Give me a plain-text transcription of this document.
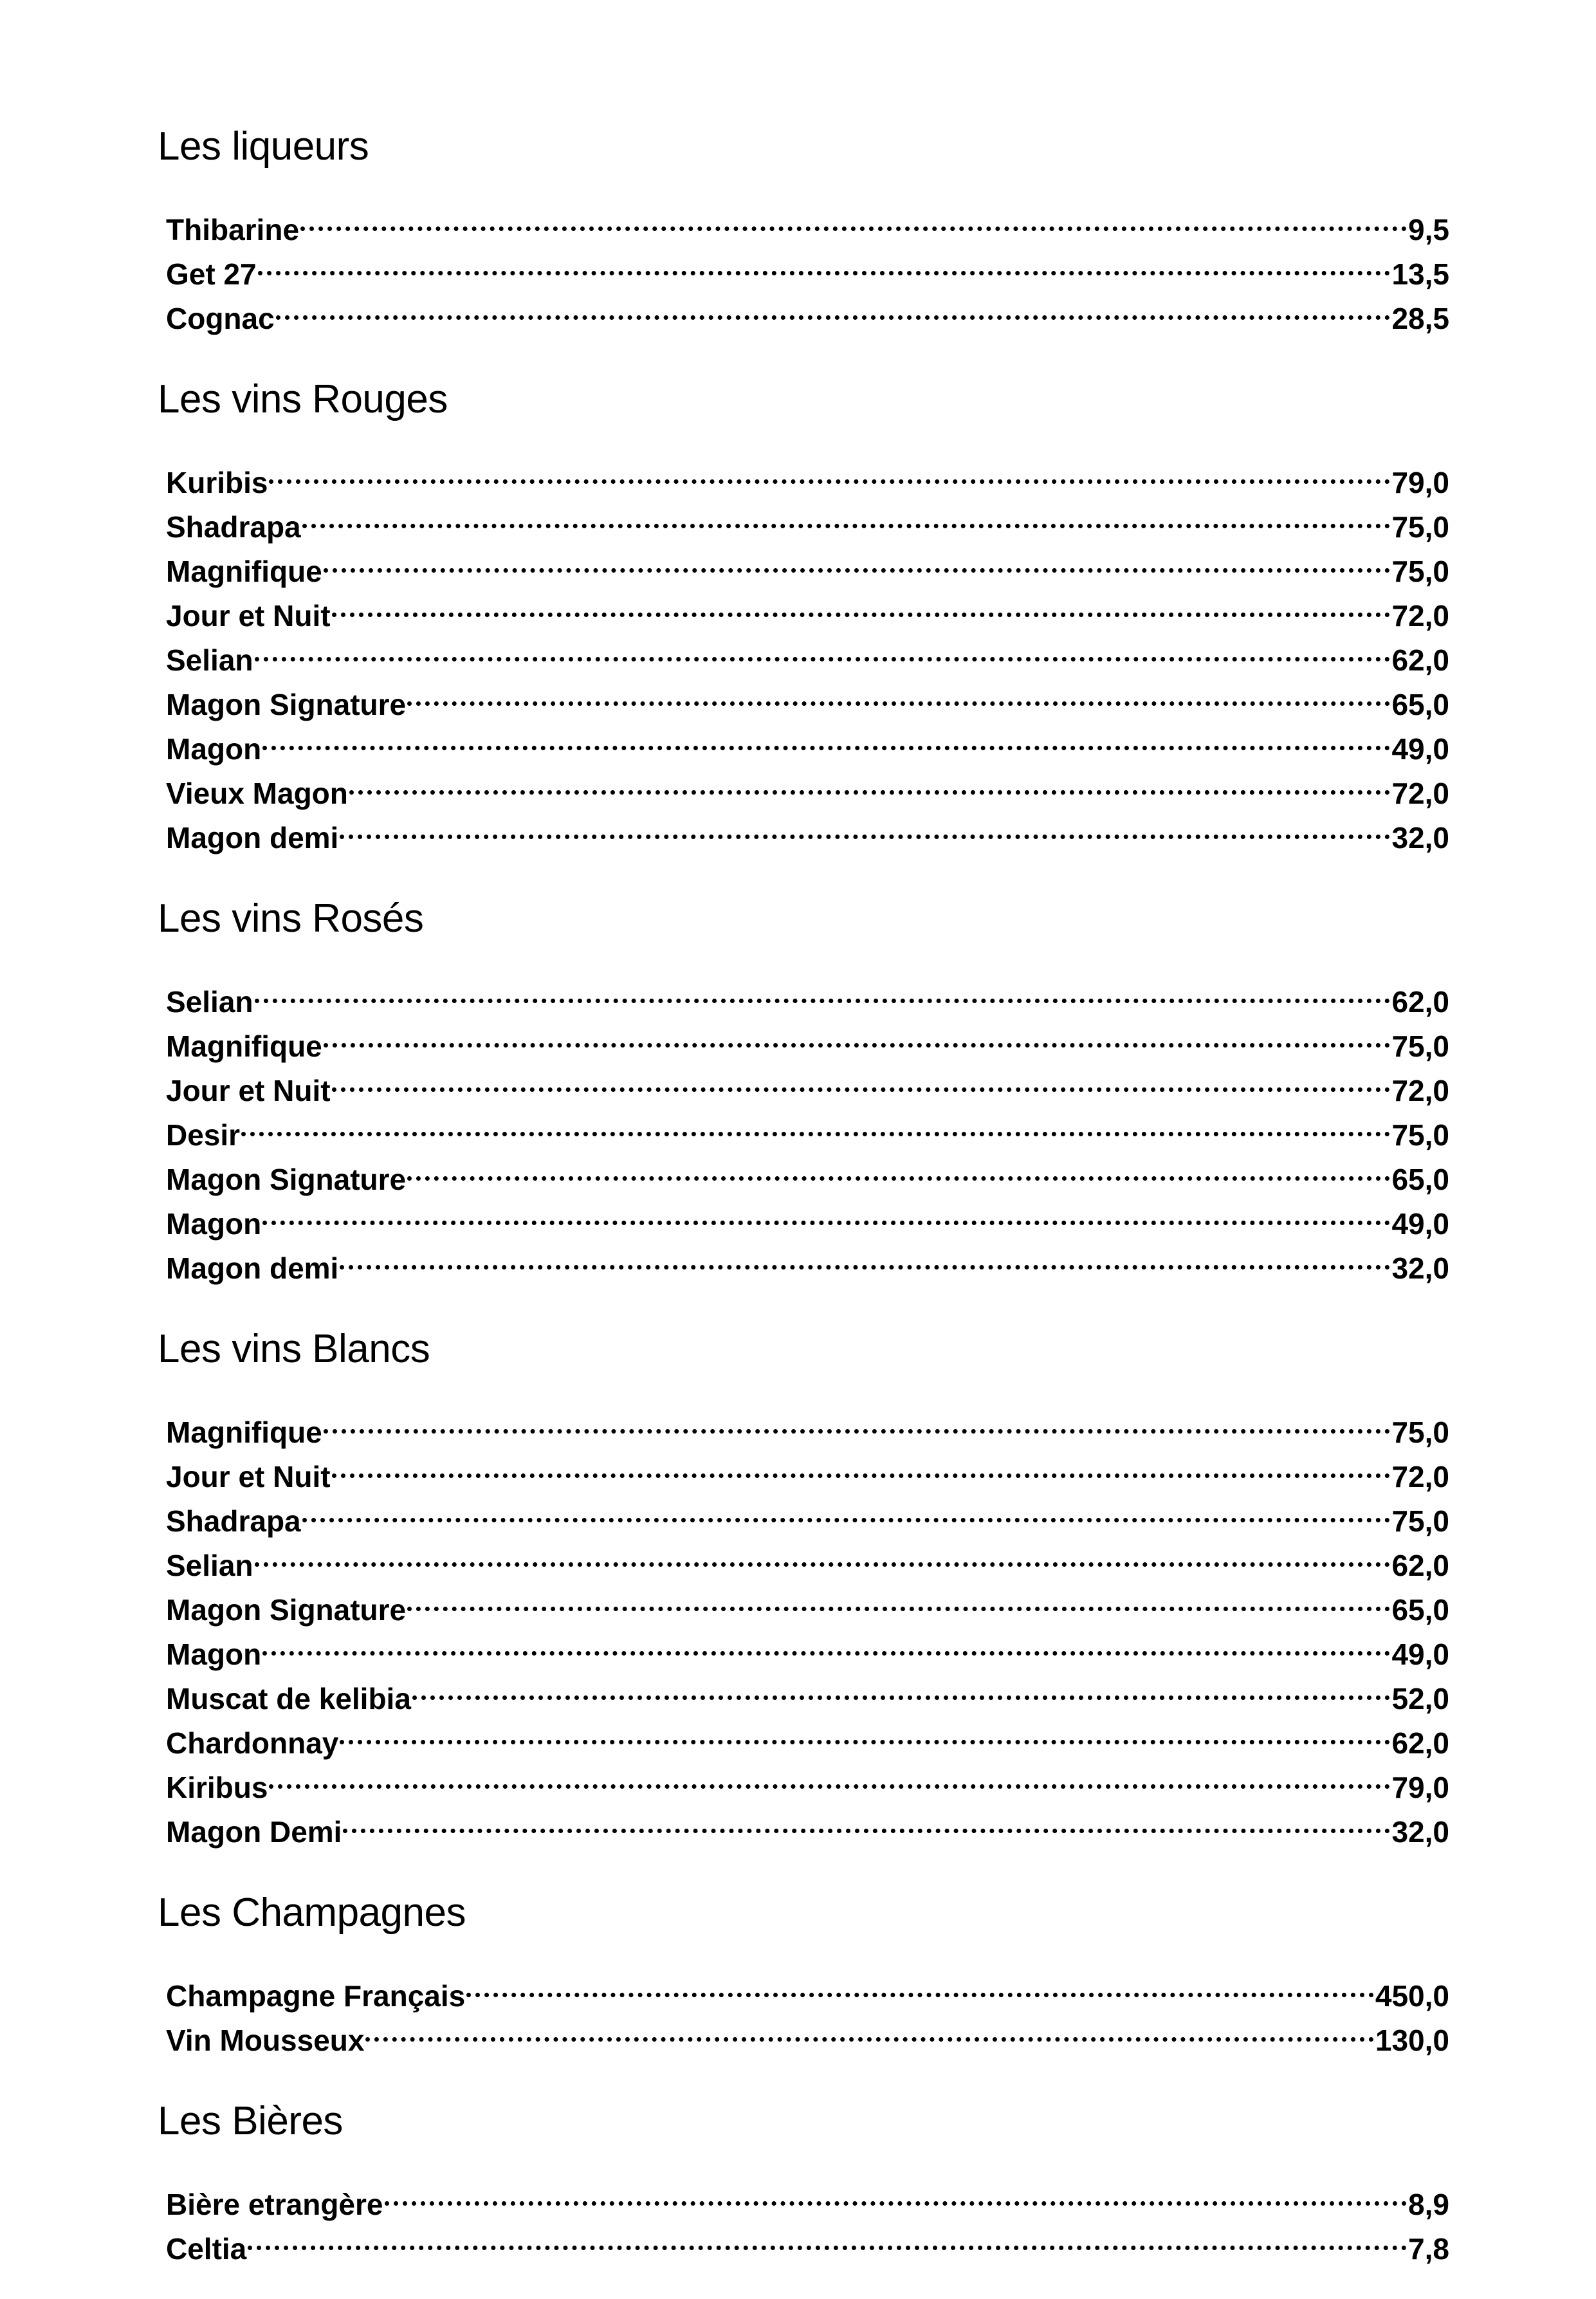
Les liqueurs
Thibarine	9,5
Get 27	13,5
Cognac	28,5
Les vins Rouges
Kuribis	79,0
Shadrapa	75,0
Magnifique	75,0
Jour et Nuit	72,0
Selian	62,0
Magon Signature	65,0
Magon	49,0
Vieux Magon	72,0
Magon demi	32,0
Les vins Rosés
Selian	62,0
Magnifique	75,0
Jour et Nuit	72,0
Desir	75,0
Magon Signature	65,0
Magon	49,0
Magon demi	32,0
Les vins Blancs
Magnifique	75,0
Jour et Nuit	72,0
Shadrapa	75,0
Selian	62,0
Magon Signature	65,0
Magon	49,0
Muscat de kelibia	52,0
Chardonnay	62,0
Kiribus	79,0
Magon Demi	32,0
Les Champagnes
Champagne Français	450,0
Vin Mousseux	130,0
Les Bières
Bière etrangère	8,9
Celtia	7,8
